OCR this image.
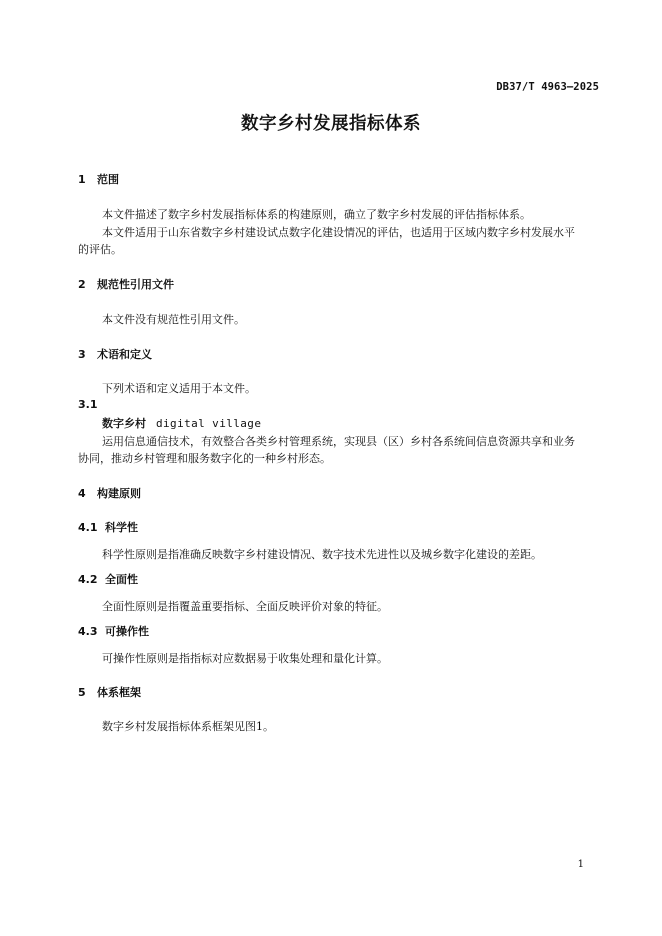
DB37/T 4963—2025
数字乡村发展指标体系
1 范围
本文件描述了数字乡村发展指标体系的构建原则，确立了数字乡村发展的评估指标体系。
本文件适用于山东省数字乡村建设试点数字化建设情况的评估，也适用于区域内数字乡村发展水平
的评估。
2 规范性引用文件
本文件没有规范性引用文件。
3 术语和定义
下列术语和定义适用于本文件。
3.1
数字乡村 digital village
运用信息通信技术，有效整合各类乡村管理系统，实现县（区）乡村各系统间信息资源共享和业务
协同，推动乡村管理和服务数字化的一种乡村形态。
4 构建原则
4.1 科学性
科学性原则是指准确反映数字乡村建设情况、数字技术先进性以及城乡数字化建设的差距。
4.2 全面性
全面性原则是指覆盖重要指标、全面反映评价对象的特征。
4.3 可操作性
可操作性原则是指指标对应数据易于收集处理和量化计算。
5 体系框架
数字乡村发展指标体系框架见图1。
1
